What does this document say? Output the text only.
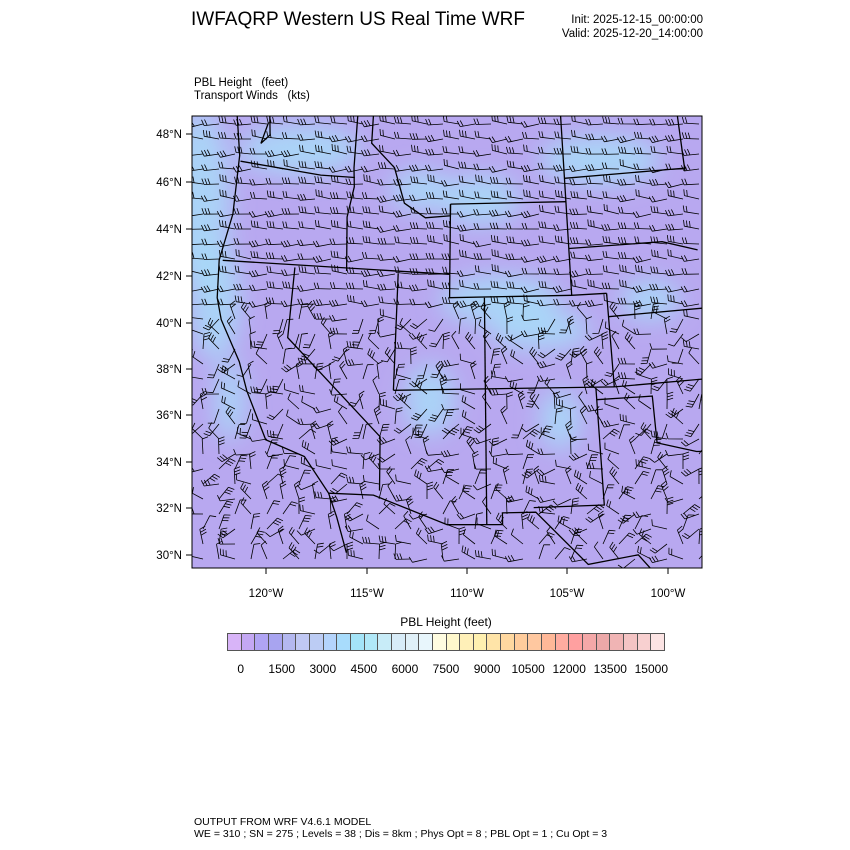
IWFAQRP Western US Real Time WRF	Init: 2025-12-15_00:00:00
Valid: 2025-12-20_14:00:00
PBL Height   (feet)
Transport Winds   (kts)
48°N
46°N
44°N
42°N
40°N
38°N
36°N
34°N
32°N
30°N
120°W	115°W	110°W	105°W	100°W
PBL Height (feet)
0 1500 3000 4500 6000 7500 9000 10500 12000 13500 15000
OUTPUT FROM WRF V4.6.1 MODEL
WE = 310 ; SN = 275 ; Levels = 38 ; Dis = 8km ; Phys Opt = 8 ; PBL Opt = 1 ; Cu Opt = 3
